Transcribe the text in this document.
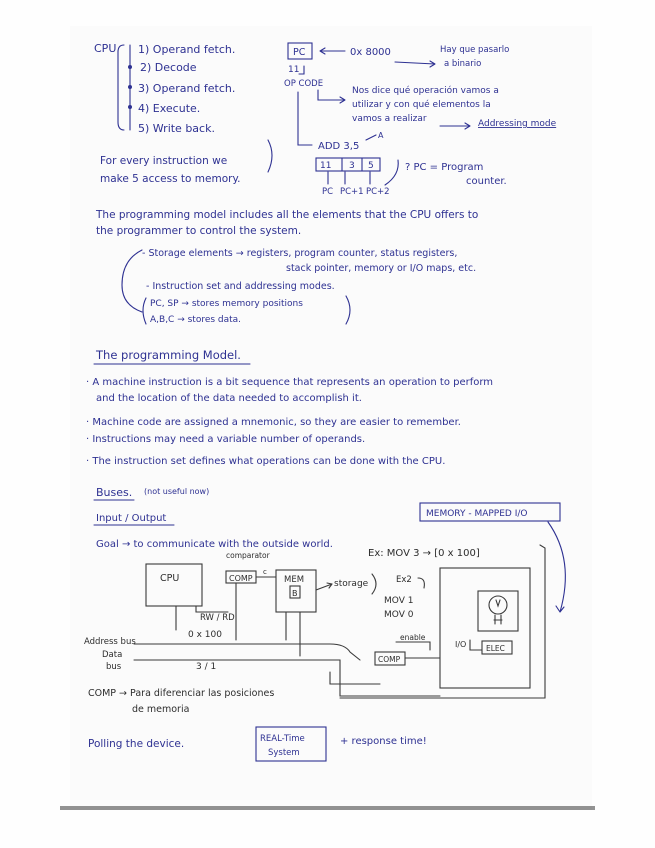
CPU 1) Operand fetch.
2) Decode
3) Operand fetch.
4) Execute.
5) Write back.
For every instruction we
make 5 access to memory.
PC	0x 8000	Hay que pasarlo
a binario
11
OP CODE
Nos dice qué operación vamos a
utilizar y con qué elementos la
vamos a realizar	Addressing mode
ADD 3,5
A
11 3 5
PC PC+1 PC+2
? PC = Program
counter.
The programming model includes all the elements that the CPU offers to
the programmer to control the system.
- Storage elements → registers, program counter, status registers,
stack pointer, memory or I/O maps, etc.
- Instruction set and addressing modes.
PC, SP → stores memory positions
A,B,C → stores data.
The programming Model.
· A machine instruction is a bit sequence that represents an operation to perform
and the location of the data needed to accomplish it.
· Machine code are assigned a mnemonic, so they are easier to remember.
· Instructions may need a variable number of operands.
· The instruction set defines what operations can be done with the CPU.
Buses. (not useful now)
Input / Output	MEMORY - MAPPED I/O
Goal → to communicate with the outside world.
comparator	Ex: MOV 3 → [0 x 100]
Ex2
MOV 1
MOV 0
CPU	COMP
c
MEM
B
storage
RW / RD
0 x 100
Address bus
Data
bus	3 / 1
enable
COMP
I/O	ELEC
COMP → Para diferenciar las posiciones
de memoria
Polling the device.	REAL-Time
System
+ response time!
